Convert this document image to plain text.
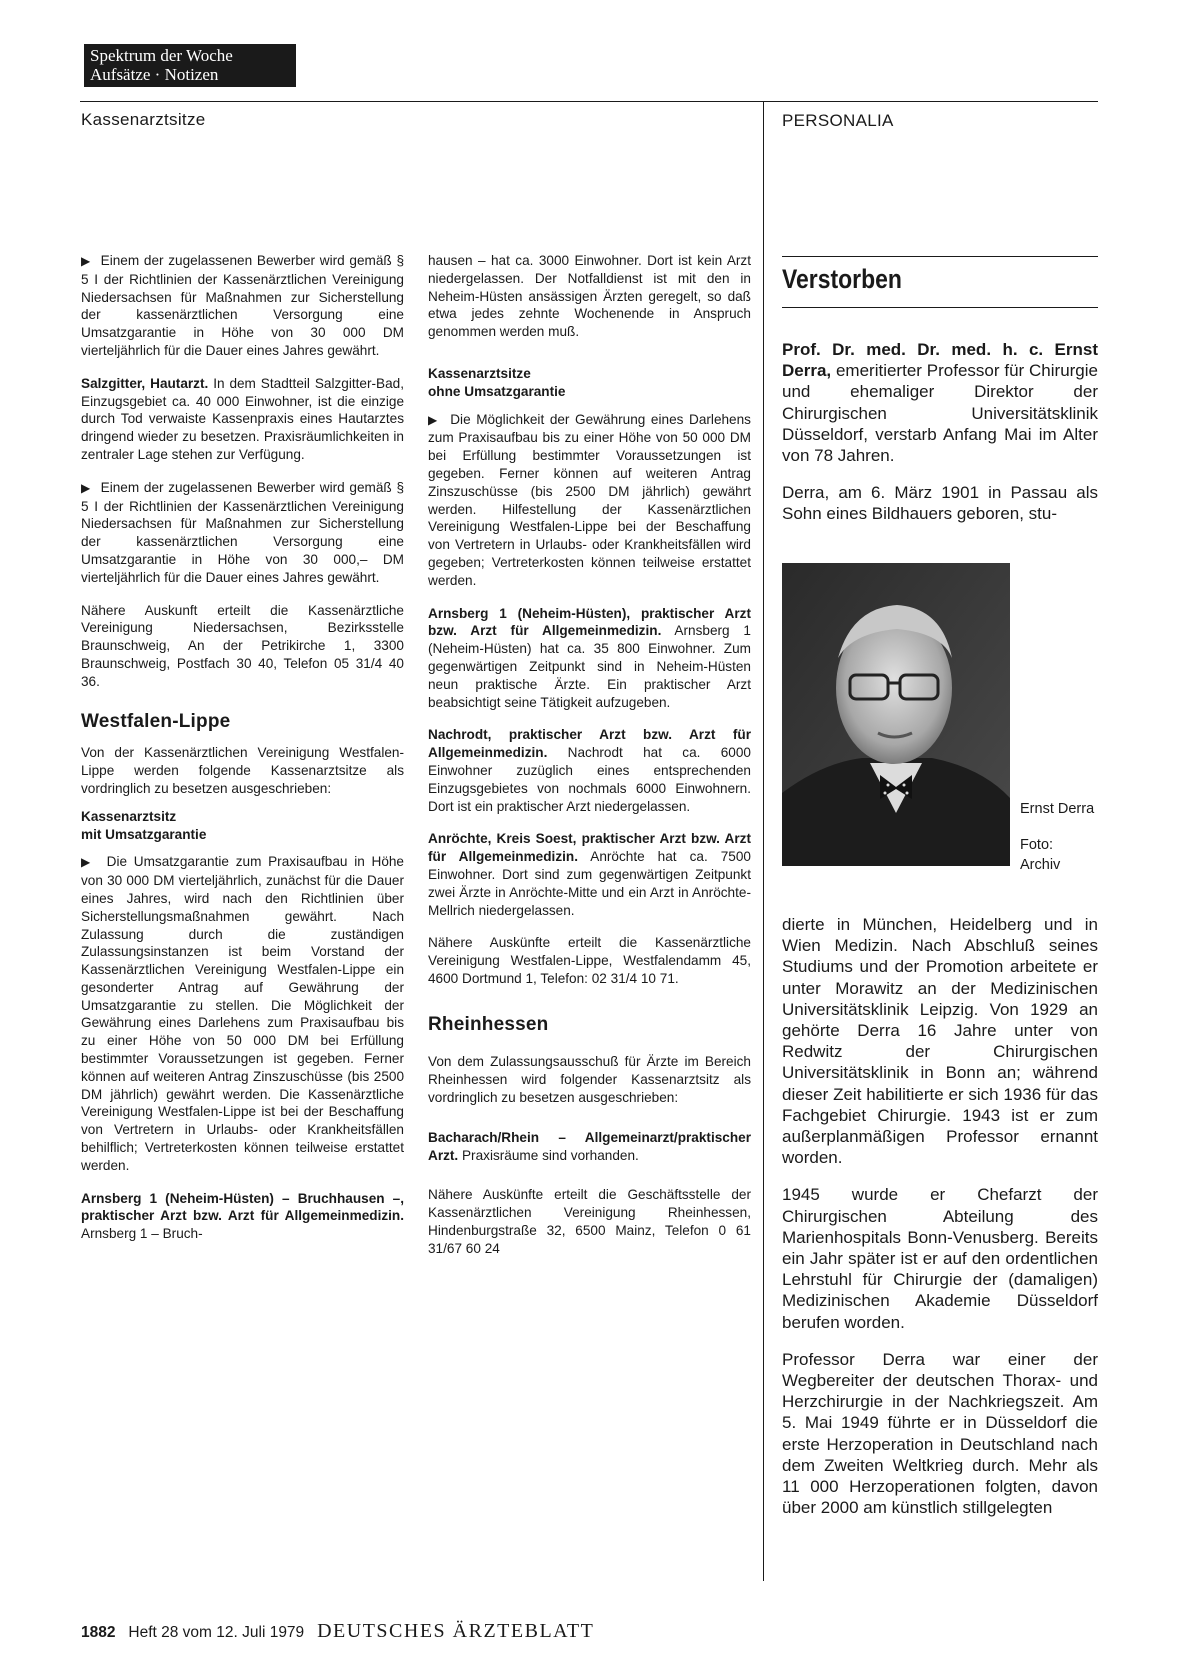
Spektrum der Woche
Aufsätze · Notizen
Kassenarztsitze	PERSONALIA

▶ Einem der zugelassenen Bewerber wird gemäß § 5 I der Richtlinien der Kassenärztlichen Vereinigung Niedersachsen für Maßnahmen zur Sicherstellung der kassenärztlichen Versorgung eine Umsatzgarantie in Höhe von 30 000 DM vierteljährlich für die Dauer eines Jahres gewährt.

Salzgitter, Hautarzt. In dem Stadtteil Salzgitter-Bad, Einzugsgebiet ca. 40 000 Einwohner, ist die einzige durch Tod verwaiste Kassenpraxis eines Hautarztes dringend wieder zu besetzen. Praxisräumlichkeiten in zentraler Lage stehen zur Verfügung.

▶ Einem der zugelassenen Bewerber wird gemäß § 5 I der Richtlinien der Kassenärztlichen Vereinigung Niedersachsen für Maßnahmen zur Sicherstellung der kassenärztlichen Versorgung eine Umsatzgarantie in Höhe von 30 000,– DM vierteljährlich für die Dauer eines Jahres gewährt.

Nähere Auskunft erteilt die Kassenärztliche Vereinigung Niedersachsen, Bezirksstelle Braunschweig, An der Petrikirche 1, 3300 Braunschweig, Postfach 30 40, Telefon 05 31/4 40 36.

Westfalen-Lippe

Von der Kassenärztlichen Vereinigung Westfalen-Lippe werden folgende Kassenarztsitze als vordringlich zu besetzen ausgeschrieben:

Kassenarztsitz
mit Umsatzgarantie

▶ Die Umsatzgarantie zum Praxisaufbau in Höhe von 30 000 DM vierteljährlich, zunächst für die Dauer eines Jahres, wird nach den Richtlinien über Sicherstellungsmaßnahmen gewährt. Nach Zulassung durch die zuständigen Zulassungsinstanzen ist beim Vorstand der Kassenärztlichen Vereinigung Westfalen-Lippe ein gesonderter Antrag auf Gewährung der Umsatzgarantie zu stellen. Die Möglichkeit der Gewährung eines Darlehens zum Praxisaufbau bis zu einer Höhe von 50 000 DM bei Erfüllung bestimmter Voraussetzungen ist gegeben. Ferner können auf weiteren Antrag Zinszuschüsse (bis 2500 DM jährlich) gewährt werden. Die Kassenärztliche Vereinigung Westfalen-Lippe ist bei der Beschaffung von Vertretern in Urlaubs- oder Krankheitsfällen behilflich; Vertreterkosten können teilweise erstattet werden.

Arnsberg 1 (Neheim-Hüsten) – Bruchhausen –, praktischer Arzt bzw. Arzt für Allgemeinmedizin. Arnsberg 1 – Bruch-

hausen – hat ca. 3000 Einwohner. Dort ist kein Arzt niedergelassen. Der Notfalldienst ist mit den in Neheim-Hüsten ansässigen Ärzten geregelt, so daß etwa jedes zehnte Wochenende in Anspruch genommen werden muß.

Kassenarztsitze
ohne Umsatzgarantie

▶ Die Möglichkeit der Gewährung eines Darlehens zum Praxisaufbau bis zu einer Höhe von 50 000 DM bei Erfüllung bestimmter Voraussetzungen ist gegeben. Ferner können auf weiteren Antrag Zinszuschüsse (bis 2500 DM jährlich) gewährt werden. Hilfestellung der Kassenärztlichen Vereinigung Westfalen-Lippe bei der Beschaffung von Vertretern in Urlaubs- oder Krankheitsfällen wird gegeben; Vertreterkosten können teilweise erstattet werden.

Arnsberg 1 (Neheim-Hüsten), praktischer Arzt bzw. Arzt für Allgemeinmedizin. Arnsberg 1 (Neheim-Hüsten) hat ca. 35 800 Einwohner. Zum gegenwärtigen Zeitpunkt sind in Neheim-Hüsten neun praktische Ärzte. Ein praktischer Arzt beabsichtigt seine Tätigkeit aufzugeben.

Nachrodt, praktischer Arzt bzw. Arzt für Allgemeinmedizin. Nachrodt hat ca. 6000 Einwohner zuzüglich eines entsprechenden Einzugsgebietes von nochmals 6000 Einwohnern. Dort ist ein praktischer Arzt niedergelassen.

Anröchte, Kreis Soest, praktischer Arzt bzw. Arzt für Allgemeinmedizin. Anröchte hat ca. 7500 Einwohner. Dort sind zum gegenwärtigen Zeitpunkt zwei Ärzte in Anröchte-Mitte und ein Arzt in Anröchte-Mellrich niedergelassen.

Nähere Auskünfte erteilt die Kassenärztliche Vereinigung Westfalen-Lippe, Westfalendamm 45, 4600 Dortmund 1, Telefon: 02 31/4 10 71.

Rheinhessen

Von dem Zulassungsausschuß für Ärzte im Bereich Rheinhessen wird folgender Kassenarztsitz als vordringlich zu besetzen ausgeschrieben:

Bacharach/Rhein – Allgemeinarzt/praktischer Arzt. Praxisräume sind vorhanden.

Nähere Auskünfte erteilt die Geschäftsstelle der Kassenärztlichen Vereinigung Rheinhessen, Hindenburgstraße 32, 6500 Mainz, Telefon 0 61 31/67 60 24

Verstorben

Prof. Dr. med. Dr. med. h. c. Ernst Derra, emeritierter Professor für Chirurgie und ehemaliger Direktor der Chirurgischen Universitätsklinik Düsseldorf, verstarb Anfang Mai im Alter von 78 Jahren.

Derra, am 6. März 1901 in Passau als Sohn eines Bildhauers geboren, stu-

Ernst Derra
Foto:
Archiv

dierte in München, Heidelberg und in Wien Medizin. Nach Abschluß seines Studiums und der Promotion arbeitete er unter Morawitz an der Medizinischen Universitätsklinik Leipzig. Von 1929 an gehörte Derra 16 Jahre unter von Redwitz der Chirurgischen Universitätsklinik in Bonn an; während dieser Zeit habilitierte er sich 1936 für das Fachgebiet Chirurgie. 1943 ist er zum außerplanmäßigen Professor ernannt worden.

1945 wurde er Chefarzt der Chirurgischen Abteilung des Marienhospitals Bonn-Venusberg. Bereits ein Jahr später ist er auf den ordentlichen Lehrstuhl für Chirurgie der (damaligen) Medizinischen Akademie Düsseldorf berufen worden.

Professor Derra war einer der Wegbereiter der deutschen Thorax- und Herzchirurgie in der Nachkriegszeit. Am 5. Mai 1949 führte er in Düsseldorf die erste Herzoperation in Deutschland nach dem Zweiten Weltkrieg durch. Mehr als 11 000 Herzoperationen folgten, davon über 2000 am künstlich stillgelegten

1882 Heft 28 vom 12. Juli 1979 DEUTSCHES ÄRZTEBLATT
